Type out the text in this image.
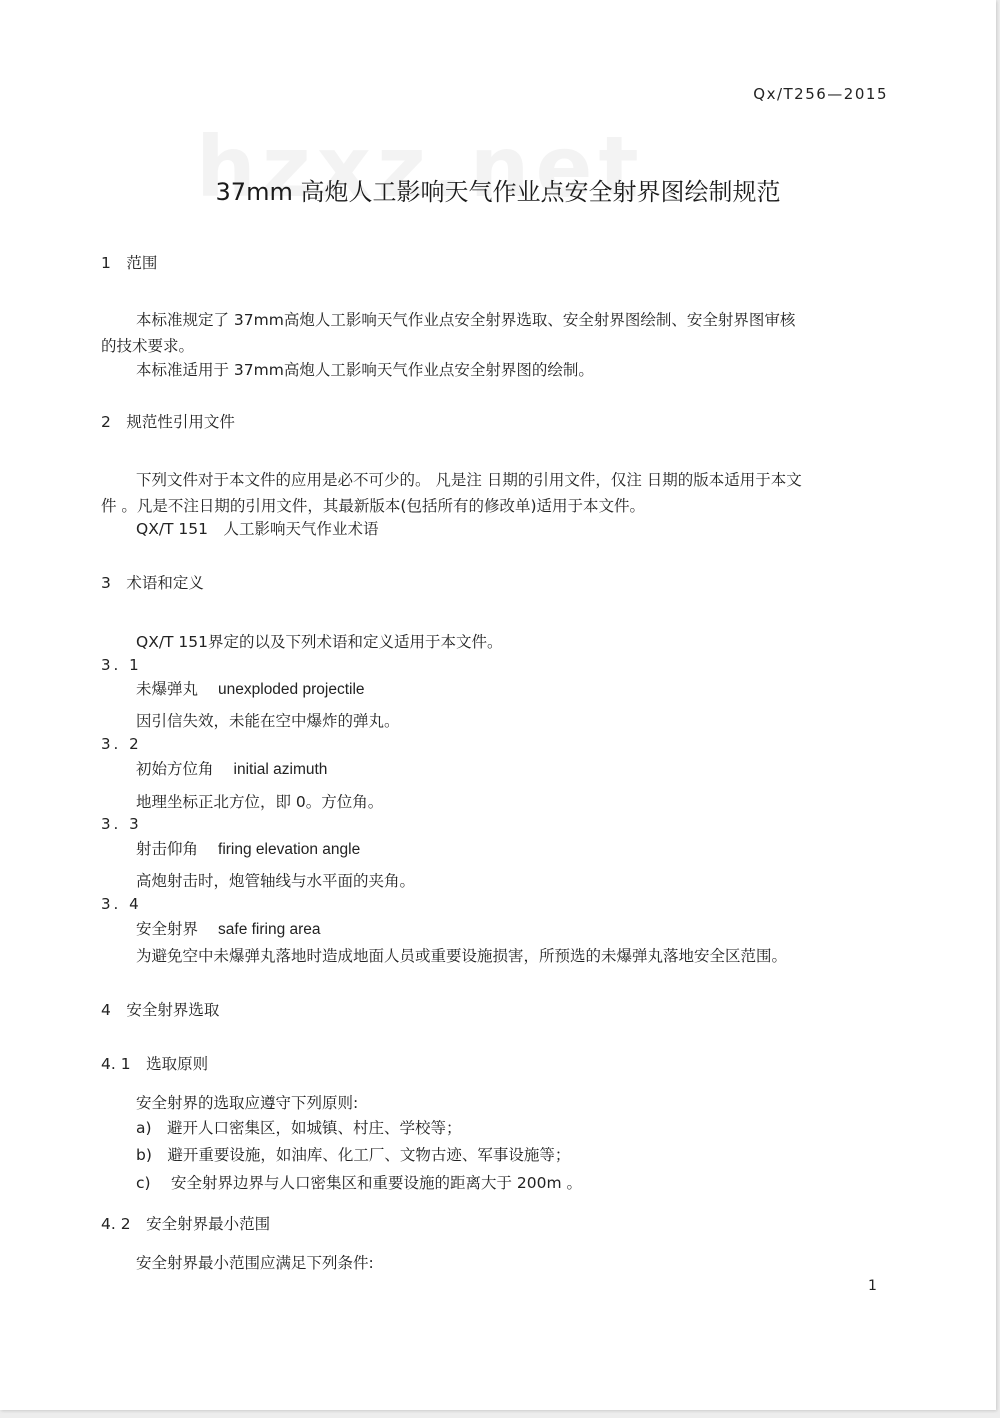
Qx/T256—2015
37mm 高炮人工影响天气作业点安全射界图绘制规范
1　范围
本标准规定了 37mm高炮人工影响天气作业点安全射界选取、安全射界图绘制、安全射界图审核
的技术要求。
本标准适用于 37mm高炮人工影响天气作业点安全射界图的绘制。
2　规范性引用文件
下列文件对于本文件的应用是必不可少的。 凡是注 日期的引用文件，仅注 日期的版本适用于本文
件 。凡是不注日期的引用文件，其最新版本(包括所有的修改单)适用于本文件。
QX/T 151　人工影响天气作业术语
3　术语和定义
QX/T 151界定的以及下列术语和定义适用于本文件。
3. 1
未爆弹丸 unexploded projectile
因引信失效，未能在空中爆炸的弹丸。
3. 2
初始方位角 initial azimuth
地理坐标正北方位，即 0。方位角。
3. 3
射击仰角 firing elevation angle
高炮射击时，炮管轴线与水平面的夹角。
3. 4
安全射界 safe firing area
为避免空中未爆弹丸落地时造成地面人员或重要设施损害，所预选的未爆弹丸落地安全区范围。
4　安全射界选取
4. 1　选取原则
安全射界的选取应遵守下列原则:
a)　避开人口密集区，如城镇、村庄、学校等；
b)　避开重要设施，如油库、化工厂、文物古迹、军事设施等；
c)　 安全射界边界与人口密集区和重要设施的距离大于 200m 。
4. 2　安全射界最小范围
安全射界最小范围应满足下列条件:
1
